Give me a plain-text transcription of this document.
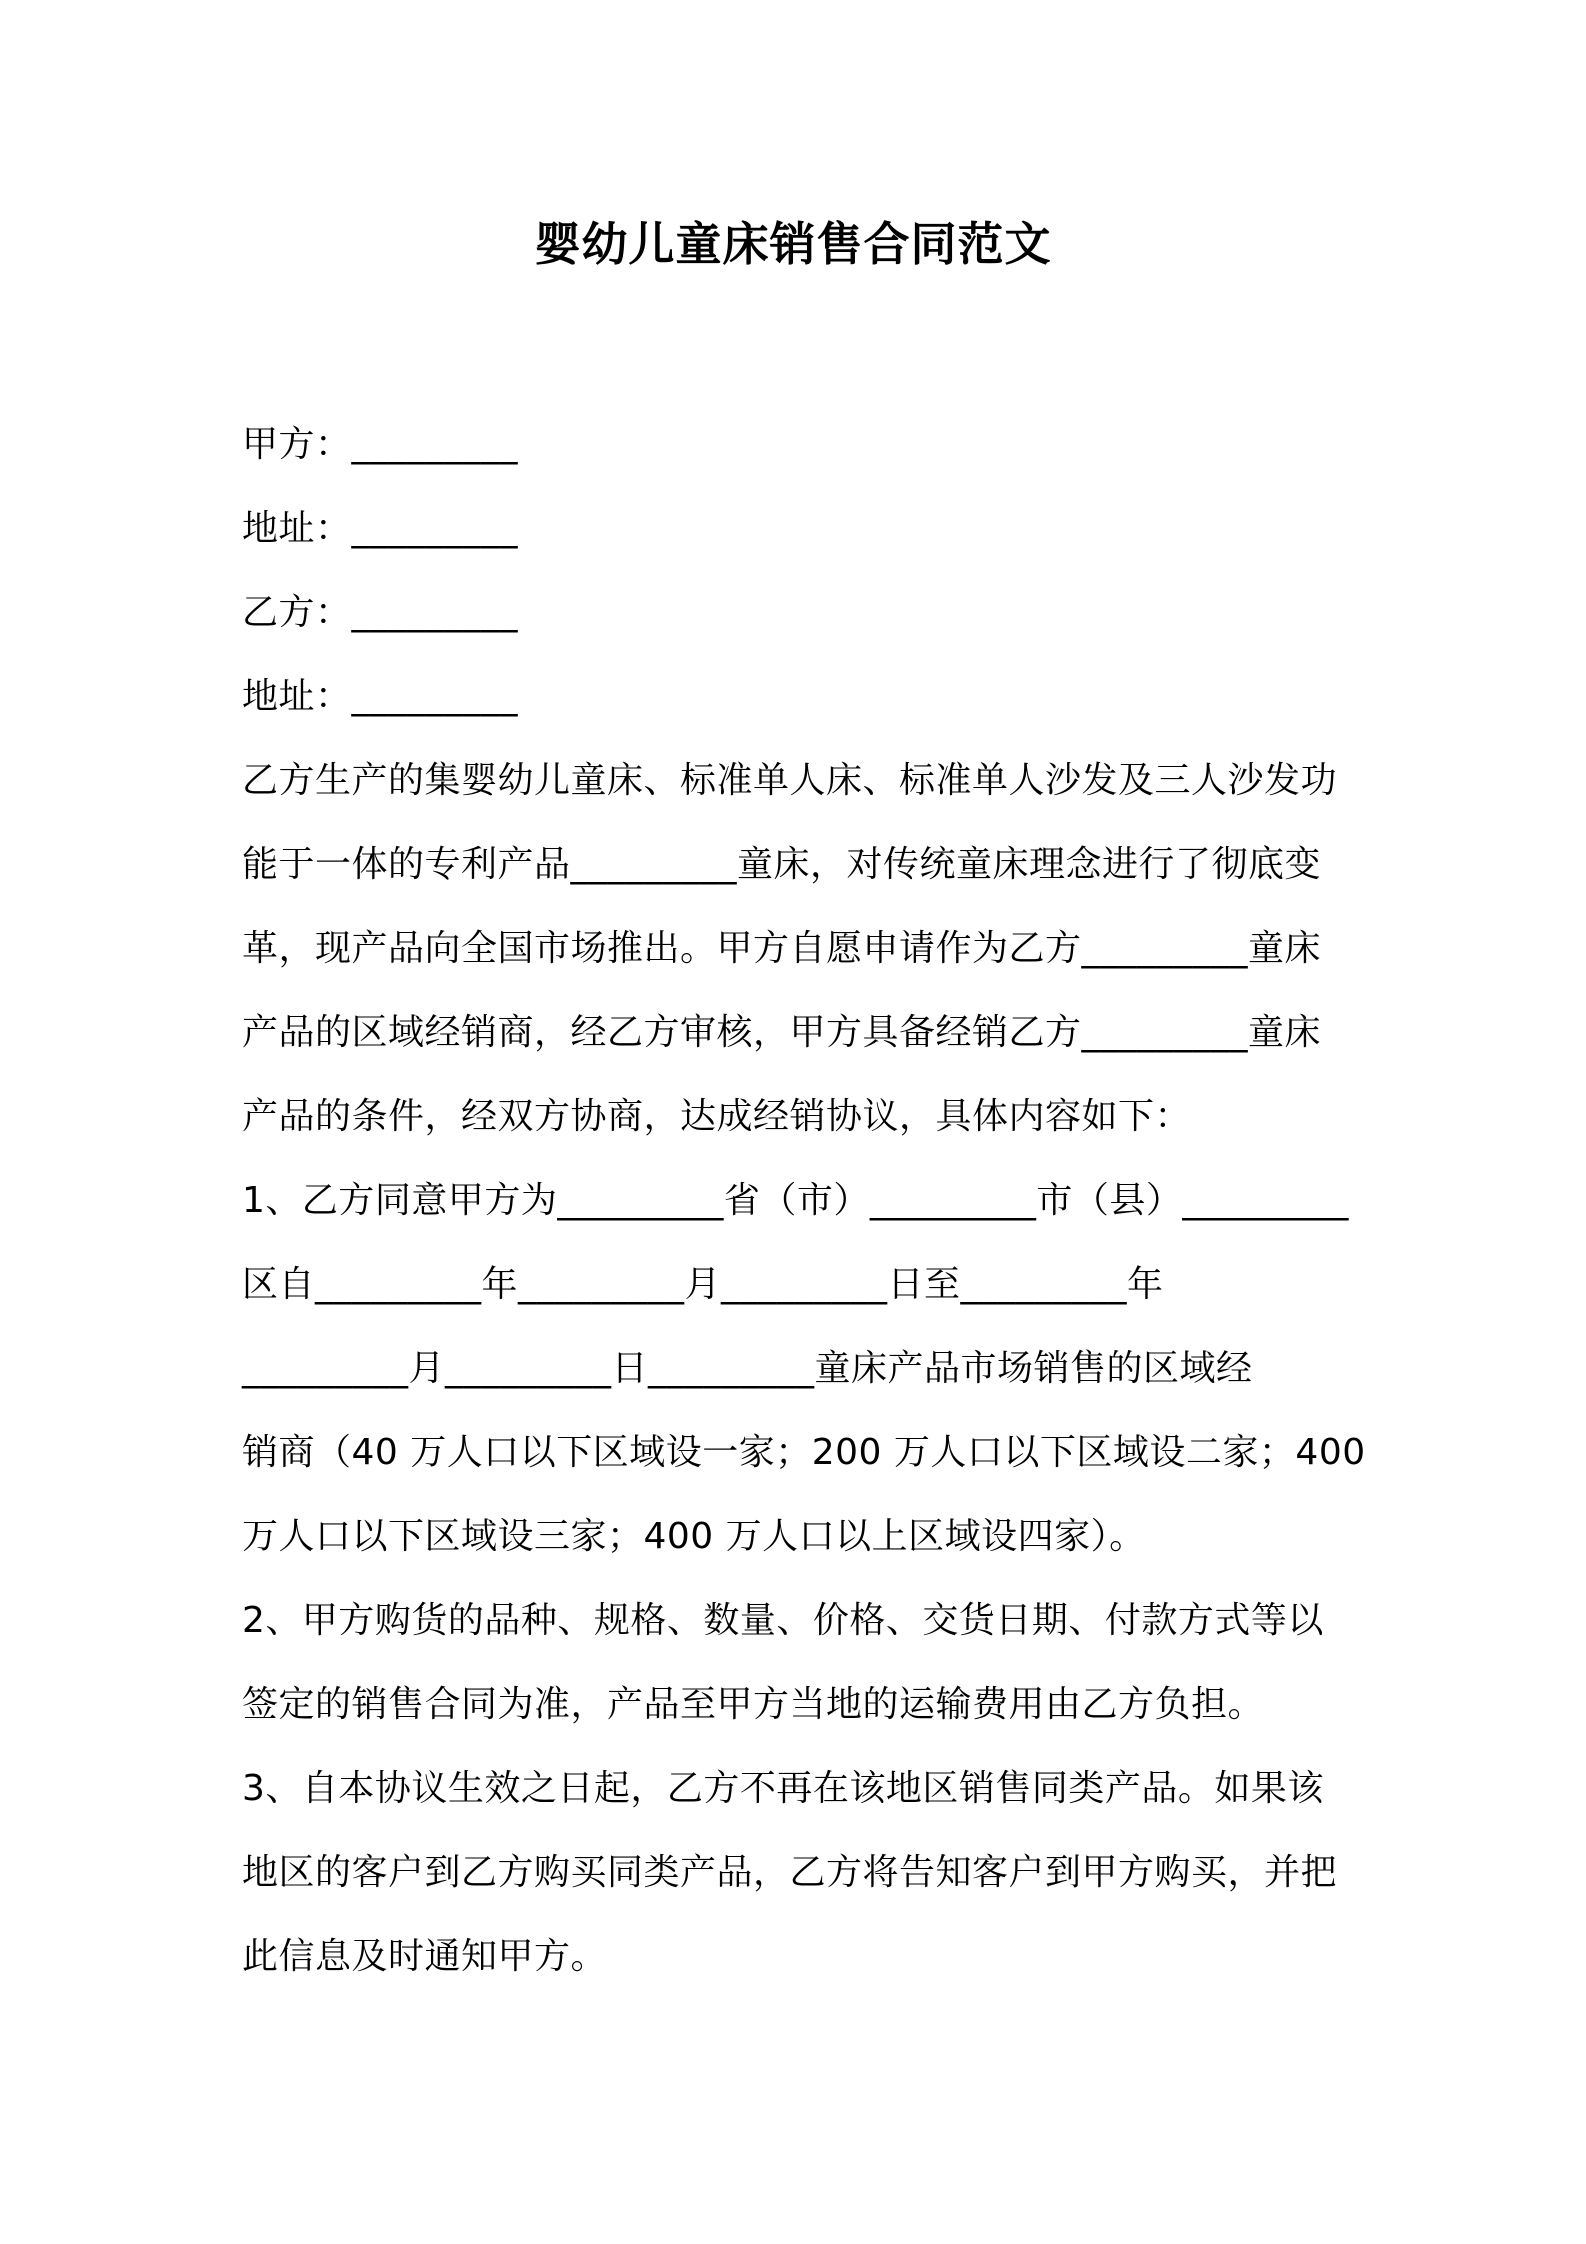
婴幼儿童床销售合同范文
甲方：_________
地址：_________
乙方：_________
地址：_________
乙方生产的集婴幼儿童床、标准单人床、标准单人沙发及三人沙发功
能于一体的专利产品_________童床，对传统童床理念进行了彻底变
革，现产品向全国市场推出。甲方自愿申请作为乙方_________童床
产品的区域经销商，经乙方审核，甲方具备经销乙方_________童床
产品的条件，经双方协商，达成经销协议，具体内容如下：
1、乙方同意甲方为_________省（市）_________市（县）_________
区自_________年_________月_________日至_________年
_________月_________日_________童床产品市场销售的区域经
销商（40 万人口以下区域设一家；200 万人口以下区域设二家；400
万人口以下区域设三家；400 万人口以上区域设四家）。
2、甲方购货的品种、规格、数量、价格、交货日期、付款方式等以
签定的销售合同为准，产品至甲方当地的运输费用由乙方负担。
3、自本协议生效之日起，乙方不再在该地区销售同类产品。如果该
地区的客户到乙方购买同类产品，乙方将告知客户到甲方购买，并把
此信息及时通知甲方。
